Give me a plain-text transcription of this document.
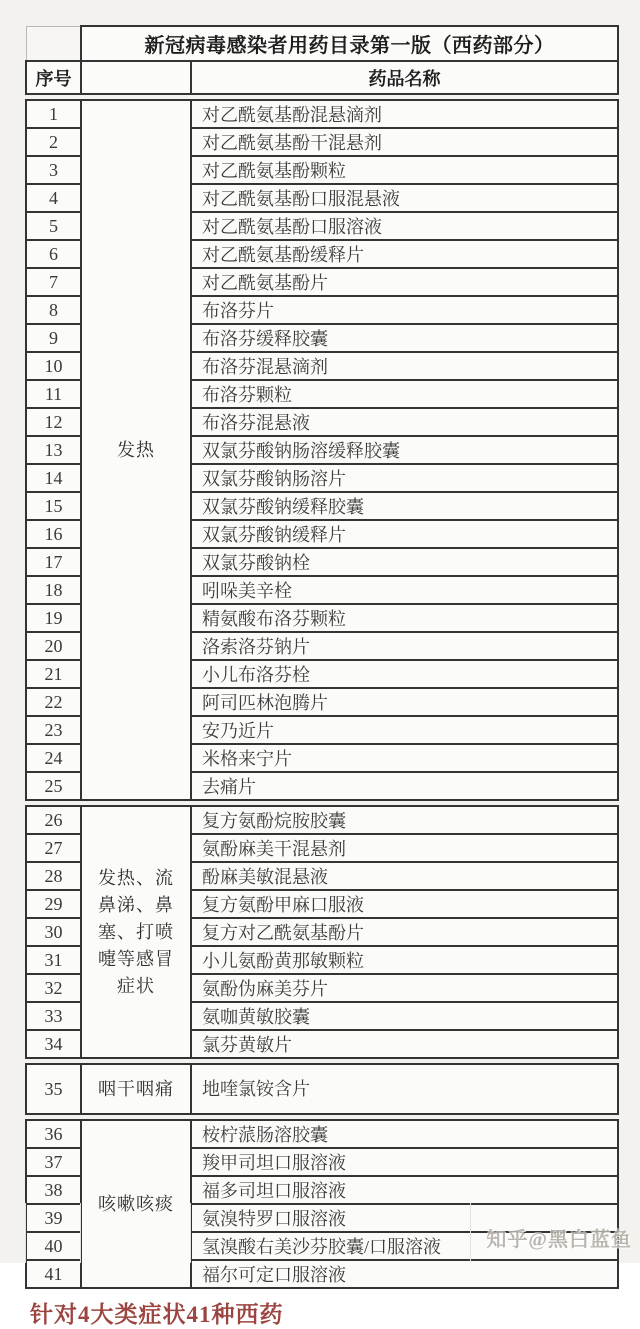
	新冠病毒感染者用药目录第一版（西药部分）	
序号		药品名称
1	发热	对乙酰氨基酚混悬滴剂
2		对乙酰氨基酚干混悬剂
3		对乙酰氨基酚颗粒
4		对乙酰氨基酚口服混悬液
5		对乙酰氨基酚口服溶液
6		对乙酰氨基酚缓释片
7		对乙酰氨基酚片
8		布洛芬片
9		布洛芬缓释胶囊
10		布洛芬混悬滴剂
11		布洛芬颗粒
12		布洛芬混悬液
13		双氯芬酸钠肠溶缓释胶囊
14		双氯芬酸钠肠溶片
15		双氯芬酸钠缓释胶囊
16		双氯芬酸钠缓释片
17		双氯芬酸钠栓
18		吲哚美辛栓
19		精氨酸布洛芬颗粒
20		洛索洛芬钠片
21		小儿布洛芬栓
22		阿司匹林泡腾片
23		安乃近片
24		米格来宁片
25		去痛片
26	发热、流鼻涕、鼻塞、打喷嚏等感冒症状	复方氨酚烷胺胶囊
27		氨酚麻美干混悬剂
28		酚麻美敏混悬液
29		复方氨酚甲麻口服液
30		复方对乙酰氨基酚片
31		小儿氨酚黄那敏颗粒
32		氨酚伪麻美芬片
33		氨咖黄敏胶囊
34		氯芬黄敏片
35	咽干咽痛	地喹氯铵含片
36	咳嗽咳痰	桉柠蒎肠溶胶囊
37		羧甲司坦口服溶液
38		福多司坦口服溶液
39		氨溴特罗口服溶液
40		氢溴酸右美沙芬胶囊/口服溶液
41		福尔可定口服溶液
针对4大类症状41种西药
知乎@黑白蓝鱼
